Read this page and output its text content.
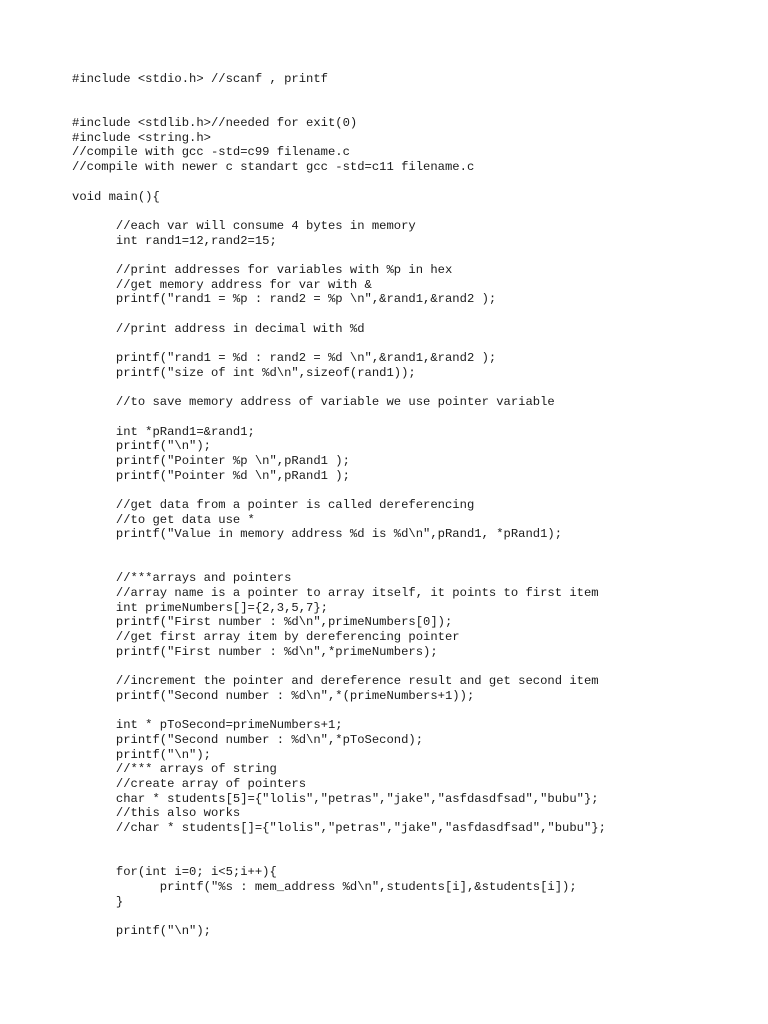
#include <stdio.h> //scanf , printf
#include <stdlib.h>//needed for exit(0)
#include <string.h>
//compile with gcc -std=c99 filename.c
//compile with newer c standart gcc -std=c11 filename.c
void main(){
//each var will consume 4 bytes in memory
int rand1=12,rand2=15;
//print addresses for variables with %p in hex
//get memory address for var with &
printf("rand1 = %p : rand2 = %p \n",&rand1,&rand2 );
//print address in decimal with %d
printf("rand1 = %d : rand2 = %d \n",&rand1,&rand2 );
printf("size of int %d\n",sizeof(rand1));
//to save memory address of variable we use pointer variable
int *pRand1=&rand1;
printf("\n");
printf("Pointer %p \n",pRand1 );
printf("Pointer %d \n",pRand1 );
//get data from a pointer is called dereferencing
//to get data use *
printf("Value in memory address %d is %d\n",pRand1, *pRand1);
//***arrays and pointers
//array name is a pointer to array itself, it points to first item
int primeNumbers[]={2,3,5,7};
printf("First number : %d\n",primeNumbers[0]);
//get first array item by dereferencing pointer
printf("First number : %d\n",*primeNumbers);
//increment the pointer and dereference result and get second item
printf("Second number : %d\n",*(primeNumbers+1));
int * pToSecond=primeNumbers+1;
printf("Second number : %d\n",*pToSecond);
printf("\n");
//*** arrays of string
//create array of pointers
char * students[5]={"lolis","petras","jake","asfdasdfsad","bubu"};
//this also works
//char * students[]={"lolis","petras","jake","asfdasdfsad","bubu"};
for(int i=0; i<5;i++){
printf("%s : mem_address %d\n",students[i],&students[i]);
}
printf("\n");
